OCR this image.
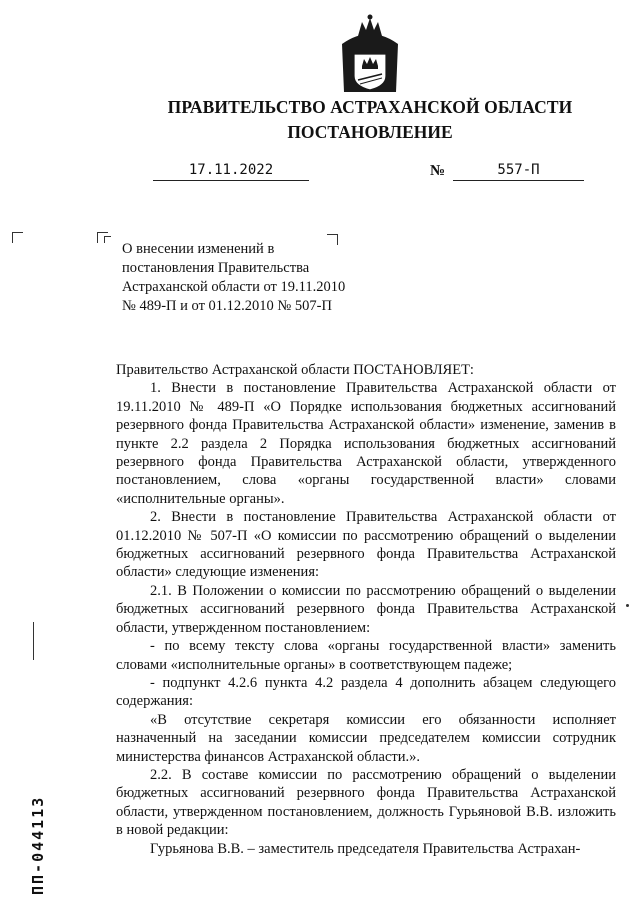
ПРАВИТЕЛЬСТВО АСТРАХАНСКОЙ ОБЛАСТИ
ПОСТАНОВЛЕНИЕ
17.11.2022	№	557-П
О внесении изменений в постановления Правительства Астраханской области от 19.11.2010 № 489-П и от 01.12.2010 № 507-П

Правительство Астраханской области ПОСТАНОВЛЯЕТ:

1. Внести в постановление Правительства Астраханской области от 19.11.2010 № 489-П «О Порядке использования бюджетных ассигнований резервного фонда Правительства Астраханской области» изменение, заменив в пункте 2.2 раздела 2 Порядка использования бюджетных ассигнований резервного фонда Правительства Астраханской области, утвержденного постановлением, слова «органы государственной власти» словами «исполнительные органы».

2. Внести в постановление Правительства Астраханской области от 01.12.2010 № 507-П «О комиссии по рассмотрению обращений о выделении бюджетных ассигнований резервного фонда Правительства Астраханской области» следующие изменения:

2.1. В Положении о комиссии по рассмотрению обращений о выделении бюджетных ассигнований резервного фонда Правительства Астраханской области, утвержденном постановлением:

- по всему тексту слова «органы государственной власти» заменить словами «исполнительные органы» в соответствующем падеже;

- подпункт 4.2.6 пункта 4.2 раздела 4 дополнить абзацем следующего содержания:

«В отсутствие секретаря комиссии его обязанности исполняет назначенный на заседании комиссии председателем комиссии сотрудник министерства финансов Астраханской области.».

2.2. В составе комиссии по рассмотрению обращений о выделении бюджетных ассигнований резервного фонда Правительства Астраханской области, утвержденном постановлением, должность Гурьяновой В.В. изложить в новой редакции:

Гурьянова В.В. – заместитель председателя Правительства Астрахан-

ПП-044113
